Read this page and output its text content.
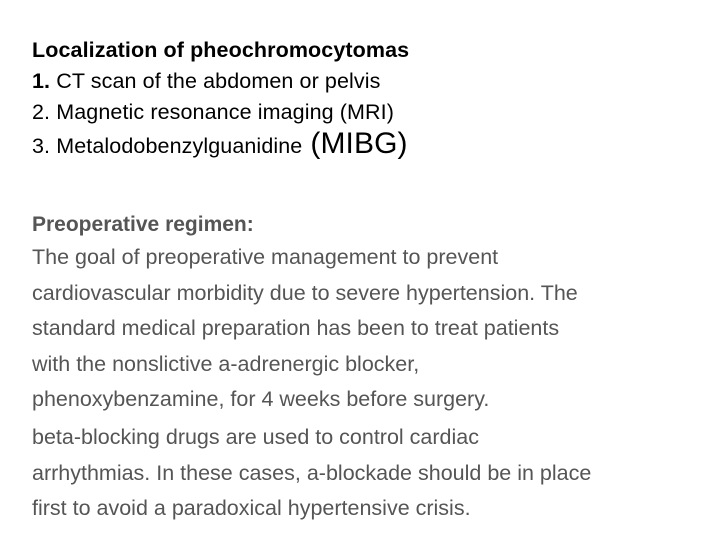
Localization of pheochromocytomas
1. CT scan of the abdomen or pelvis
2. Magnetic resonance imaging (MRI)
3. Metalodobenzylguanidine (MIBG)
Preoperative regimen:
The goal of preoperative management to prevent
cardiovascular morbidity due to severe hypertension. The
standard medical preparation has been to treat patients
with the nonslictive a-adrenergic blocker,
phenoxybenzamine, for 4 weeks before surgery.
beta-blocking drugs are used to control cardiac
arrhythmias. In these cases, a-blockade should be in place
first to avoid a paradoxical hypertensive crisis.
